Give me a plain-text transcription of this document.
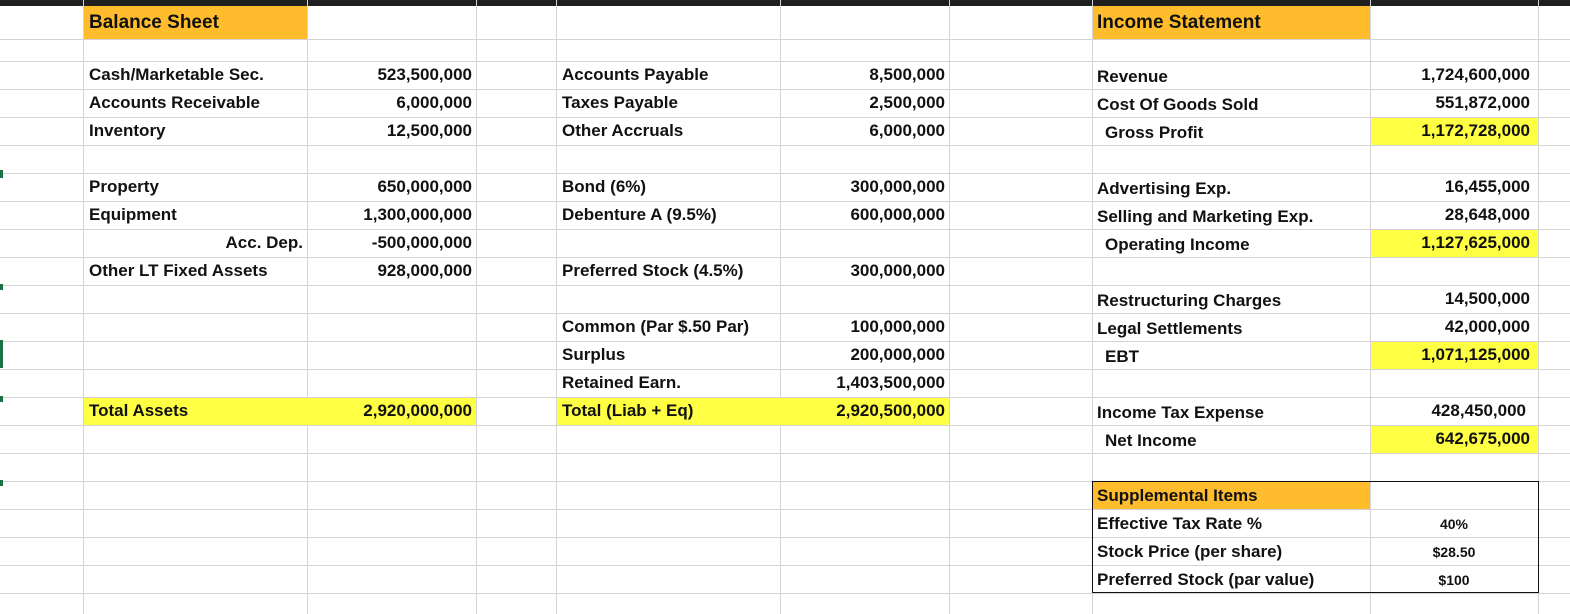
Balance Sheet
Cash/Marketable Sec.	523,500,000
Accounts Receivable	6,000,000
Inventory	12,500,000
Property	650,000,000
Equipment	1,300,000,000
Acc. Dep.	-500,000,000
Other LT Fixed Assets	928,000,000
Total Assets	2,920,000,000
Accounts Payable	8,500,000
Taxes Payable	2,500,000
Other Accruals	6,000,000
Bond (6%)	300,000,000
Debenture A (9.5%)	600,000,000
Preferred Stock (4.5%)	300,000,000
Common (Par $.50 Par)	100,000,000
Surplus	200,000,000
Retained Earn.	1,403,500,000
Total (Liab + Eq)	2,920,500,000
Income Statement
Revenue	1,724,600,000
Cost Of Goods Sold	551,872,000
Gross Profit	1,172,728,000
Advertising Exp.	16,455,000
Selling and Marketing Exp.	28,648,000
Operating Income	1,127,625,000
Restructuring Charges	14,500,000
Legal Settlements	42,000,000
EBT	1,071,125,000
Income Tax Expense	428,450,000
Net Income	642,675,000
Supplemental Items
Effective Tax Rate %	40%
Stock Price (per share)	$28.50
Preferred Stock (par value)	$100
